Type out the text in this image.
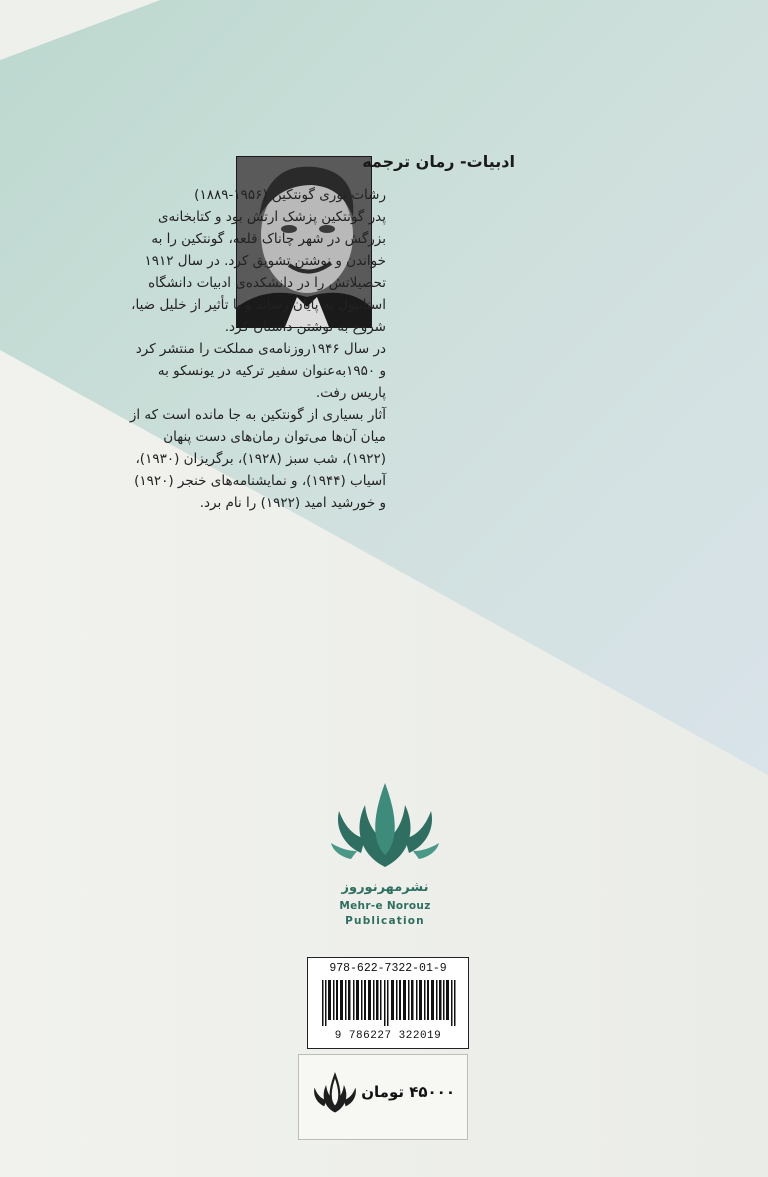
ادبیات- رمان ترجمه

رشات نوری گونتکین (۱۹۵۶-۱۸۸۹)
پدر گونتکین پزشک ارتش بود و کتابخانه‌ی
بزرگش در شهر چاناک قلعه، گونتکین را به
خواندن و نوشتن تشویق کرد. در سال ۱۹۱۲
تحصیلاتش را در دانشکده‌ی ادبیات دانشگاه
استانبول به پایان رساند و با تأثیر از خلیل ضیا،
شروع به نوشتن داستان کرد.
در سال ۱۹۴۶روزنامه‌ی مملکت را منتشر کرد
و ۱۹۵۰به‌عنوان سفیر ترکیه در یونسکو به
پاریس رفت.
آثار بسیاری از گونتکین به جا مانده است که از
میان آن‌ها می‌توان رمان‌های دست پنهان
(۱۹۲۲)، شب سبز (۱۹۲۸)، برگریزان (۱۹۳۰)،
آسیاب (۱۹۴۴)، و نمایشنامه‌های خنجر (۱۹۲۰)
و خورشید امید (۱۹۲۲) را نام برد.
نشرمهرنوروز
Mehr-e Norouz
Publication
978-622-7322-01-9
9 786227 322019
۴۵۰۰۰ تومان
